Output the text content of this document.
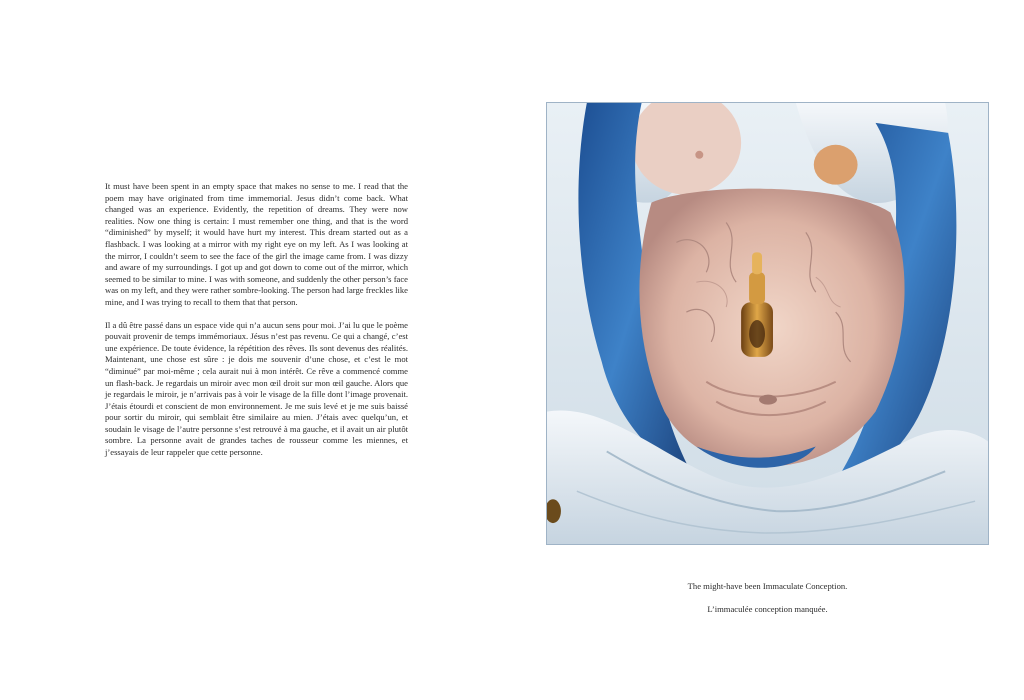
It must have been spent in an empty space that makes no sense to me. I read that the poem may have originated from time immemorial. Jesus didn’t come back. What changed was an experience. Evidently, the repetition of dreams. They were now realities. Now one thing is certain: I must remember one thing, and that is the word “diminished” by myself; it would have hurt my interest. This dream started out as a flashback. I was looking at a mirror with my right eye on my left. As I was looking at the mirror, I couldn’t seem to see the face of the girl the image came from. I was dizzy and aware of my surroundings. I got up and got down to come out of the mirror, which seemed to be similar to mine. I was with someone, and suddenly the other person’s face was on my left, and they were rather sombre-looking. The person had large freckles like mine, and I was trying to recall to them that that person.

Il a dû être passé dans un espace vide qui n’a aucun sens pour moi. J’ai lu que le poème pouvait provenir de temps immémoriaux. Jésus n’est pas revenu. Ce qui a changé, c’est une expérience. De toute évidence, la répétition des rêves. Ils sont devenus des réalités. Maintenant, une chose est sûre : je dois me souvenir d’une chose, et c’est le mot “diminué” par moi-même ; cela aurait nui à mon intérêt. Ce rêve a commencé comme un flash-back. Je regardais un miroir avec mon œil droit sur mon œil gauche. Alors que je regardais le miroir, je n’arrivais pas à voir le visage de la fille dont l’image provenait. J’étais étourdi et conscient de mon environnement. Je me suis levé et je me suis baissé pour sortir du miroir, qui semblait être similaire au mien. J’étais avec quelqu’un, et soudain le visage de l’autre personne s’est retrouvé à ma gauche, et il avait un air plutôt sombre. La personne avait de grandes taches de rousseur comme les miennes, et j’essayais de leur rappeler que cette personne.

The might-have been Immaculate Conception.
L’immaculée conception manquée.
